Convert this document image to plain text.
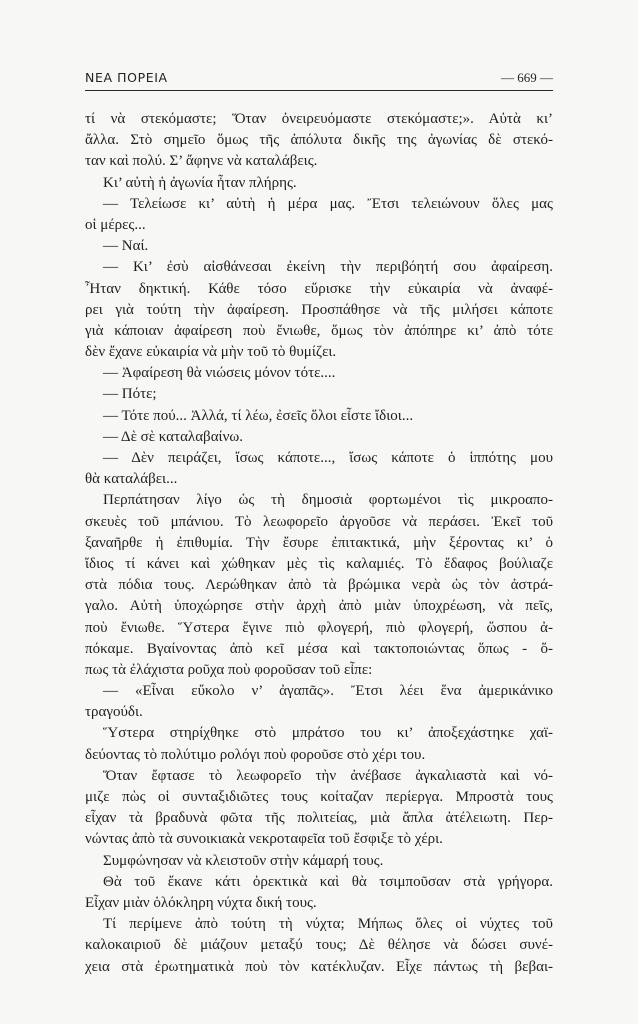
ΝΕΑ ΠΟΡΕΙΑ	— 669 —
τί νὰ στεκόμαστε; Ὅταν ὀνειρευόμαστε στεκόμαστε;». Αὐτὰ κι’
ἄλλα. Στὸ σημεῖο ὅμως τῆς ἀπόλυτα δικῆς της ἀγωνίας δὲ στεκό-
ταν καὶ πολύ. Σ’ ἄφηνε νὰ καταλάβεις.
Κι’ αὐτὴ ἡ ἀγωνία ἦταν πλήρης.
— Τελείωσε κι’ αὐτὴ ἡ μέρα μας. Ἔτσι τελειώνουν ὅλες μας
οἱ μέρες...
— Ναί.
— Κι’ ἐσὺ αἰσθάνεσαι ἐκείνη τὴν περιβόητή σου ἀφαίρεση.
Ἦταν δηκτική. Κάθε τόσο εὕρισκε τὴν εὐκαιρία νὰ ἀναφέ-
ρει γιὰ τούτη τὴν ἀφαίρεση. Προσπάθησε νὰ τῆς μιλήσει κάποτε
γιὰ κάποιαν ἀφαίρεση ποὺ ἔνιωθε, ὅμως τὸν ἀπόπηρε κι’ ἀπὸ τότε
δὲν ἔχανε εὐκαιρία νὰ μὴν τοῦ τὸ θυμίζει.
— Ἀφαίρεση θὰ νιώσεις μόνον τότε....
— Πότε;
— Τότε πού... Ἀλλά, τί λέω, ἐσεῖς ὅλοι εἶστε ἴδιοι...
— Δὲ σὲ καταλαβαίνω.
— Δὲν πειράζει, ἴσως κάποτε..., ἴσως κάποτε ὁ ἱππότης μου
θὰ καταλάβει...
Περπάτησαν λίγο ὡς τὴ δημοσιὰ φορτωμένοι τὶς μικροαπο-
σκευὲς τοῦ μπάνιου. Τὸ λεωφορεῖο ἀργοῦσε νὰ περάσει. Ἐκεῖ τοῦ
ξαναῆρθε ἡ ἐπιθυμία. Τὴν ἔσυρε ἐπιτακτικά, μὴν ξέροντας κι’ ὁ
ἴδιος τί κάνει καὶ χώθηκαν μὲς τὶς καλαμιές. Τὸ ἔδαφος βούλιαζε
στὰ πόδια τους. Λερώθηκαν ἀπὸ τὰ βρώμικα νερὰ ὡς τὸν ἀστρά-
γαλο. Αὐτὴ ὑποχώρησε στὴν ἀρχὴ ἀπὸ μιὰν ὑποχρέωση, νὰ πεῖς,
ποὺ ἔνιωθε. Ὕστερα ἔγινε πιὸ φλογερή, πιὸ φλογερή, ὥσπου ἀ-
πόκαμε. Βγαίνοντας ἀπὸ κεῖ μέσα καὶ τακτοποιώντας ὅπως - ὅ-
πως τὰ ἐλάχιστα ροῦχα ποὺ φοροῦσαν τοῦ εἶπε:
— «Εἶναι εὔκολο ν’ ἀγαπᾶς». Ἔτσι λέει ἕνα ἀμερικάνικο
τραγούδι.
Ὕστερα στηρίχθηκε στὸ μπράτσο του κι’ ἀποξεχάστηκε χαϊ-
δεύοντας τὸ πολύτιμο ρολόγι ποὺ φοροῦσε στὸ χέρι του.
Ὅταν ἔφτασε τὸ λεωφορεῖο τὴν ἀνέβασε ἀγκαλιαστὰ καὶ νό-
μιζε πὼς οἱ συνταξιδιῶτες τους κοίταζαν περίεργα. Μπροστὰ τους
εἶχαν τὰ βραδυνὰ φῶτα τῆς πολιτείας, μιὰ ἄπλα ἀτέλειωτη. Περ-
νώντας ἀπὸ τὰ συνοικιακὰ νεκροταφεῖα τοῦ ἔσφιξε τὸ χέρι.
Συμφώνησαν νὰ κλειστοῦν στὴν κάμαρή τους.
Θὰ τοῦ ἔκανε κάτι ὀρεκτικὰ καὶ θὰ τσιμποῦσαν στὰ γρήγορα.
Εἶχαν μιὰν ὁλόκληρη νύχτα δική τους.
Τί περίμενε ἀπὸ τούτη τὴ νύχτα; Μήπως ὅλες οἱ νύχτες τοῦ
καλοκαιριοῦ δὲ μιάζουν μεταξύ τους; Δὲ θέλησε νὰ δώσει συνέ-
χεια στὰ ἐρωτηματικὰ ποὺ τὸν κατέκλυζαν. Εἶχε πάντως τὴ βεβαι-
